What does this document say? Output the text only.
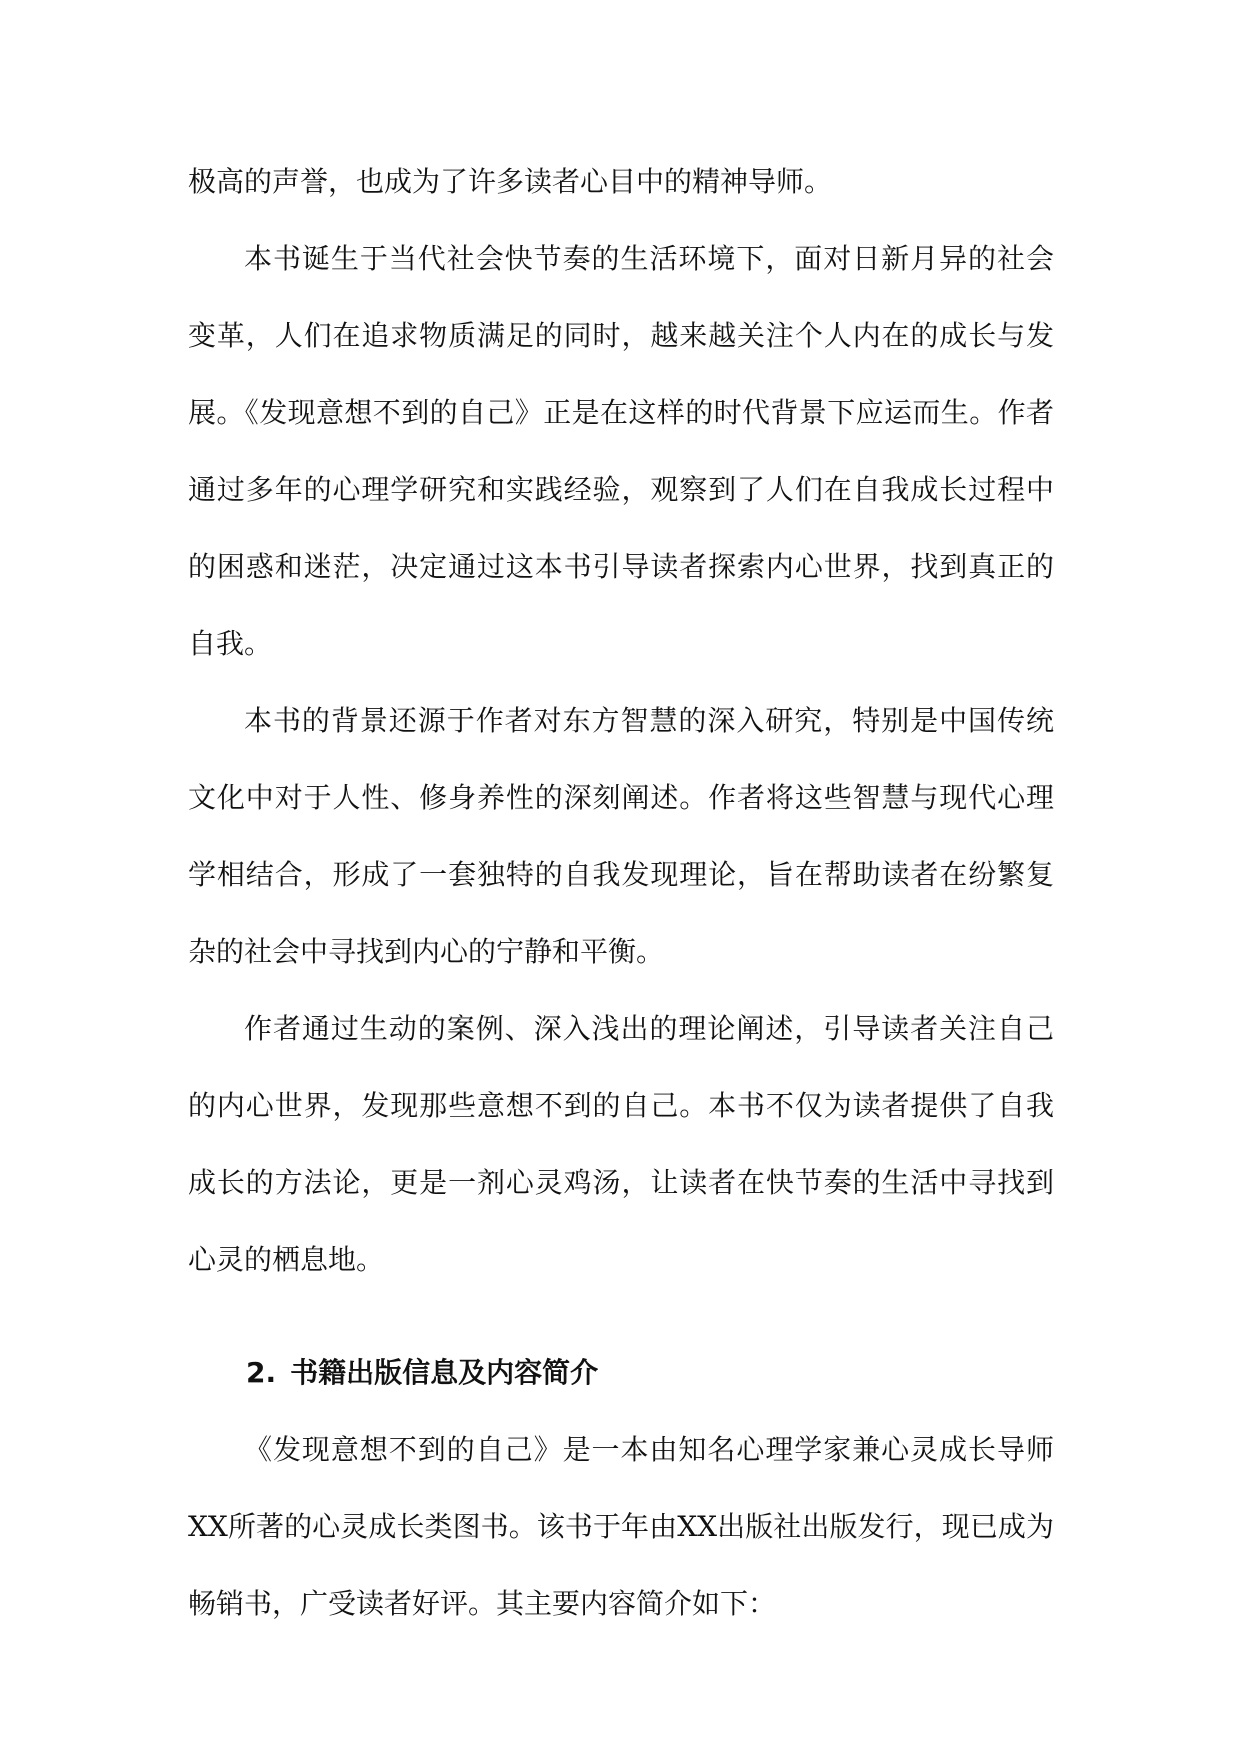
极高的声誉，也成为了许多读者心目中的精神导师。

本书诞生于当代社会快节奏的生活环境下，面对日新月异的社会变革，人们在追求物质满足的同时，越来越关注个人内在的成长与发展。《发现意想不到的自己》正是在这样的时代背景下应运而生。作者通过多年的心理学研究和实践经验，观察到了人们在自我成长过程中的困惑和迷茫，决定通过这本书引导读者探索内心世界，找到真正的自我。

本书的背景还源于作者对东方智慧的深入研究，特别是中国传统文化中对于人性、修身养性的深刻阐述。作者将这些智慧与现代心理学相结合，形成了一套独特的自我发现理论，旨在帮助读者在纷繁复杂的社会中寻找到内心的宁静和平衡。

作者通过生动的案例、深入浅出的理论阐述，引导读者关注自己的内心世界，发现那些意想不到的自己。本书不仅为读者提供了自我成长的方法论，更是一剂心灵鸡汤，让读者在快节奏的生活中寻找到心灵的栖息地。

2. 书籍出版信息及内容简介

《发现意想不到的自己》是一本由知名心理学家兼心灵成长导师XX所著的心灵成长类图书。该书于年由XX出版社出版发行，现已成为畅销书，广受读者好评。其主要内容简介如下：
